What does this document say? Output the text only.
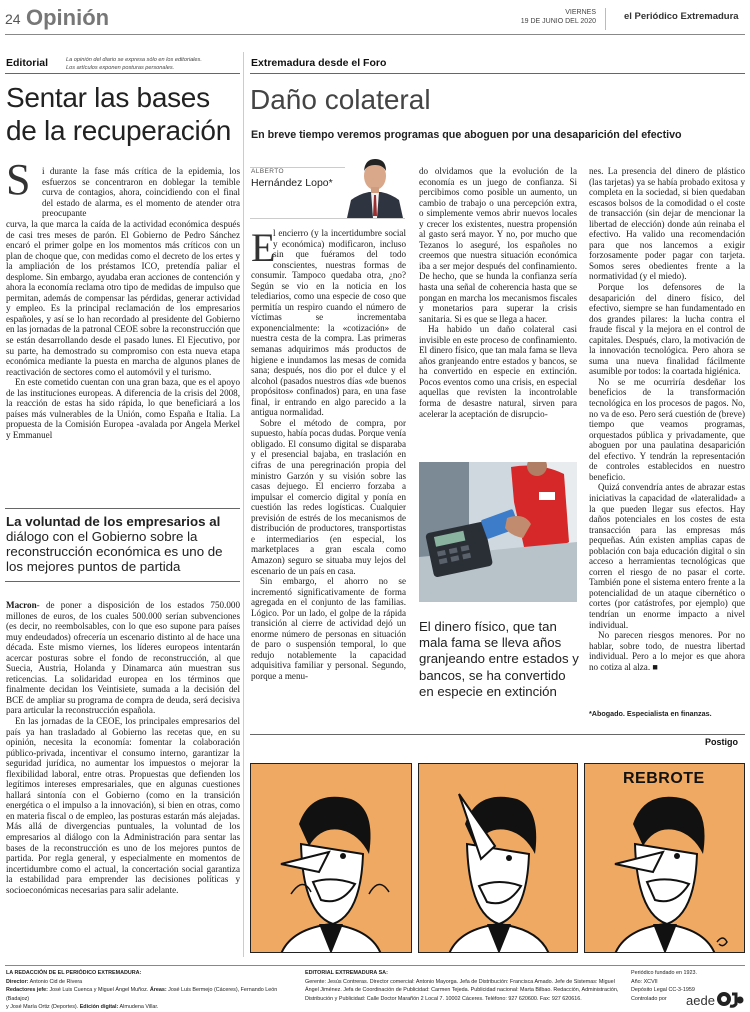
24 Opinión	VIERNES
19 DE JUNIO DEL 2020	el Periódico Extremadura
Editorial	La opinión del diario se expresa sólo en los editoriales.
Los artículos exponen posturas personales.
Sentar las bases
de la recuperación
S i durante la fase más crítica de la epidemia, los esfuerzos se concentraron en doblegar la temible curva de contagios, ahora, coincidiendo con el final del estado de alarma, es el momento de atender otra preocupante

curva, la que marca la caída de la actividad económica después de casi tres meses de parón. El Gobierno de Pedro Sánchez encaró el primer golpe en los momentos más críticos con un plan de choque que, con medidas como el decreto de los ertes y la ampliación de los préstamos ICO, pretendía paliar el desplome. Sin embargo, ayudaba eran acciones de contención y ahora la economía reclama otro tipo de medidas de impulso que permitan, además de compensar las pérdidas, generar actividad y empleo. Es la principal reclamación de los empresarios españoles, y así se lo han recordado al presidente del Gobierno en las jornadas de la patronal CEOE sobre la reconstrucción que se están desarrollando desde el pasado lunes. El Ejecutivo, por su parte, ha demostrado su compromiso con esta nueva etapa económica mediante la puesta en marcha de algunos planes de reactivación de sectores como el automóvil y el turismo.

En este cometido cuentan con una gran baza, que es el apoyo de las instituciones europeas. A diferencia de la crisis del 2008, la reacción de estas ha sido rápida, lo que beneficiará a los países más vulnerables de la Unión, como España e Italia. La propuesta de la Comisión Europea -avalada por Angela Merkel y Emmanuel

La voluntad de los empresarios al diálogo con el Gobierno sobre la reconstrucción económica es uno de los mejores puntos de partida

Macron- de poner a disposición de los estados 750.000 millones de euros, de los cuales 500.000 serían subvenciones (es decir, no reembolsables, con lo que eso supone para países muy endeudados) ofrecería un escenario distinto al de hace una década. Este mismo viernes, los líderes europeos intentarán acercar posturas sobre el fondo de reconstrucción, al que Suecia, Austria, Holanda y Dinamarca aún muestran sus reticencias. La solidaridad europea en los términos que finalmente decidan los Veintisiete, sumada a la decisión del BCE de ampliar su programa de compra de deuda, será decisiva para articular la reconstrucción española.

En las jornadas de la CEOE, los principales empresarios del país ya han trasladado al Gobierno las recetas que, en su opinión, necesita la economía: fomentar la colaboración público-privada, incentivar el consumo interno, garantizar la seguridad jurídica, no aumentar los impuestos o mejorar la flexibilidad laboral, entre otras. Propuestas que defienden los legítimos intereses empresariales, que en algunas cuestiones hallará sintonía con el Gobierno (como en la transición energética o el impulso a la innovación), si bien en otras, como en materia fiscal o de empleo, las posturas estarán más alejadas. Más allá de divergencias puntuales, la voluntad de los empresarios al diálogo con la Administración para sentar las bases de la reconstrucción es uno de los mejores puntos de partida. Por regla general, y especialmente en momentos de incertidumbre como el actual, la concertación social garantiza la estabilidad para emprender las decisiones políticas y socioeconómicas necesarias para salir adelante.

Extremadura desde el Foro
Daño colateral
En breve tiempo veremos programas que aboguen por una desaparición del efectivo
ALBERTO
Hernández Lopo*
E

l encierro (y la incertidumbre social y económica) modificaron, incluso sin que fuéramos del todo conscientes, nuestras formas de consumir. Tampoco quedaba otra, ¿no? Según se vio en la noticia en los telediarios, como una especie de coso que permitía un respiro cuando el número de víctimas se incrementaba exponencialmente: la «cotización» de nuestra cesta de la compra. Las primeras semanas adquirimos más productos de higiene e inundamos las mesas de comida sana; después, nos dio por el dulce y el alcohol (pasados nuestros días «de buenos propósitos» confinados) para, en una fase final, ir entrando en algo parecido a la antigua normalidad.

Sobre el método de compra, por supuesto, había pocas dudas. Porque venía obligado. El consumo digital se disparaba y el presencial bajaba, en traslación en cifras de una peregrinación propia del ministro Garzón y su visión sobre las casas dejuego. El encierro forzaba a impulsar el comercio digital y ponía en cuestión las redes logísticas. Cualquier previsión de estrés de los mecanismos de distribución de productores, transportistas e intermediarios (en especial, los marketplaces a gran escala como Amazon) seguro se situaba muy lejos del escenario de un país en casa.

Sin embargo, el ahorro no se incrementó significativamente de forma agregada en el conjunto de las familias. Lógico. Por un lado, el golpe de la rápida transición al cierre de actividad dejó un enorme número de personas en situación de paro o suspensión temporal, lo que redujo notablemente la capacidad adquisitiva familiar y personal. Segundo, porque a menu-

do olvidamos que la evolución de la economía es un juego de confianza. Si percibimos como posible un aumento, un cambio de trabajo o una percepción extra, o simplemente vemos abrir nuevos locales y crecer los existentes, nuestra propensión al gasto será mayor. Y no, por mucho que Tezanos lo aseguré, los españoles no creemos que nuestra situación económica iba a ser mejor después del confinamiento. De hecho, que se hunda la confianza sería hasta una señal de coherencia hasta que se pongan en marcha los mecanismos fiscales y monetarios para superar la crisis sanitaria. Si es que se llega a hacer.

Ha habido un daño colateral casi invisible en este proceso de confinamiento. El dinero físico, que tan mala fama se lleva años granjeando entre estados y bancos, se ha convertido en especie en extinción. Pocos eventos como una crisis, en especial aquellas que revisten la incontrolable forma de desastre natural, sirven para acelerar la aceptación de disrupcio-

El dinero físico, que tan mala fama se lleva años granjeando entre estados y bancos, se ha convertido en especie en extinción

nes. La presencia del dinero de plástico (las tarjetas) ya se había probado exitosa y completa en la sociedad, si bien quedaban escasos bolsos de la comodidad o el coste de transacción (sin dejar de mencionar la libertad de elección) donde aún reinaba el efectivo. Ha valido una recomendación para que nos lancemos a exigir forzosamente poder pagar con tarjeta. Somos seres obedientes frente a la normatividad (y el miedo).

Porque los defensores de la desaparición del dinero físico, del efectivo, siempre se han fundamentado en dos grandes pilares: la lucha contra el fraude fiscal y la mejora en el control de capitales. Después, claro, la motivación de la innovación tecnológica. Pero ahora se suma una nueva finalidad fácilmente asumible por todos: la coartada higiénica.

No se me ocurriría desdeñar los beneficios de la transformación tecnológica en los procesos de pagos. No, no va de eso. Pero será cuestión de (breve) tiempo que veamos programas, orquestados pública y privadamente, que aboguen por una paulatina desaparición del efectivo. Y tendrán la representación de controles establecidos en nuestro beneficio.

Quizá convendría antes de abrazar estas iniciativas la capacidad de «lateralidad» a la que pueden llegar sus efectos. Hay daños potenciales en los costes de esta transacción para las empresas más pequeñas. Aún existen amplias capas de población con baja educación digital o sin acceso a herramientas tecnológicas que corren el riesgo de no pasar el corte. También pone el sistema entero frente a la potencialidad de un ataque cibernético o cortes (por catástrofes, por ejemplo) que tendrían un enorme impacto a nivel individual.

No parecen riesgos menores. Por no hablar, sobre todo, de nuestra libertad individual. Pero a lo mejor es que ahora no cotiza al alza. ■

*Abogado. Especialista en finanzas.
Postigo
REBROTE
LA REDACCIÓN DE EL PERIÓDICO EXTREMADURA:
Director: Antonio Cid de Rivera
Redactores jefe: José Luis Cuenca y Miguel Ángel Muñoz. Áreas: José Luis Bermejo (Cáceres), Fernando León (Badajoz)
y José María Ortiz (Deportes). Edición digital: Almudena Villar.
EDITORIAL EXTREMADURA SA:
Gerente: Jesús Contreras. Director comercial: Antonio Mayorga. Jefa de Distribución: Francisca Amado. Jefe de Sistemas: Miguel
Ángel Jiménez. Jefa de Coordinación de Publicidad: Carmen Tejeda. Publicidad nacional: Marta Bilbao. Redacción, Administración,
Distribución y Publicidad: Calle Doctor Marañón 2 Local 7. 10002 Cáceres. Teléfono: 927 620600. Fax: 927 620616.
Periódico fundado en 1923.
Año: XCVII
Depósito Legal CC-3-1959
Controlado por	aede
